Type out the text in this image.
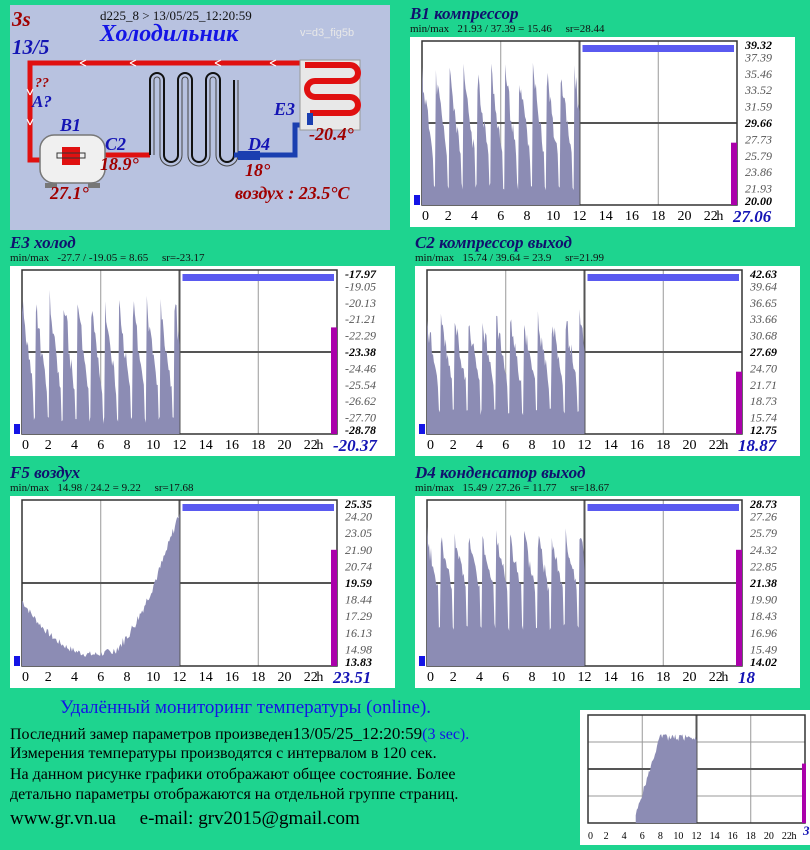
3s
13/5
d225_8 > 13/05/25_12:20:59
Холодильник	v=d3_fig5b
??
A?
B1
C2	D4
E3
27.1°
18.9°	18°
-20.4°
воздух : 23.5°C
B1 компрессор
min/max   21.93 / 37.39 = 15.46     sr=28.44
0 2 4 6 8 10 12 14 16 18 20 22
h
39.32
37.39
35.46
33.52
31.59
29.66
27.73
25.79
23.86
21.93
20.00
27.06
E3 холод
min/max   -27.7 / -19.05 = 8.65     sr=-23.17
0 2 4 6 8 10 12 14 16 18 20 22
h
-17.97
-19.05
-20.13
-21.21
-22.29
-23.38
-24.46
-25.54
-26.62
-27.70
-28.78
-20.37
C2 компрессор выход
min/max   15.74 / 39.64 = 23.9     sr=21.99
0 2 4 6 8 10 12 14 16 18 20 22
h
42.63
39.64
36.65
33.66
30.68
27.69
24.70
21.71
18.73
15.74
12.75
18.87
F5 воздух
min/max   14.98 / 24.2 = 9.22     sr=17.68
0 2 4 6 8 10 12 14 16 18 20 22
h
25.35
24.20
23.05
21.90
20.74
19.59
18.44
17.29
16.13
14.98
13.83
23.51
D4 конденсатор выход
min/max   15.49 / 27.26 = 11.77     sr=18.67
0 2 4 6 8 10 12 14 16 18 20 22
h
28.73
27.26
25.79
24.32
22.85
21.38
19.90
18.43
16.96
15.49
14.02
18
0 2 4 6 8 10 12 14 16 18 20 22 h 3
Удалённый мониторинг температуры (online).
Последний замер параметров произведен13/05/25_12:20:59(3 sec).
Измерения температуры производятся с интервалом в 120 сек.
На данном рисунке графики отображают общее состояние. Более
детально параметры отображаются на отдельной группе страниц.
www.gr.vn.ua e-mail: grv2015@gmail.com
